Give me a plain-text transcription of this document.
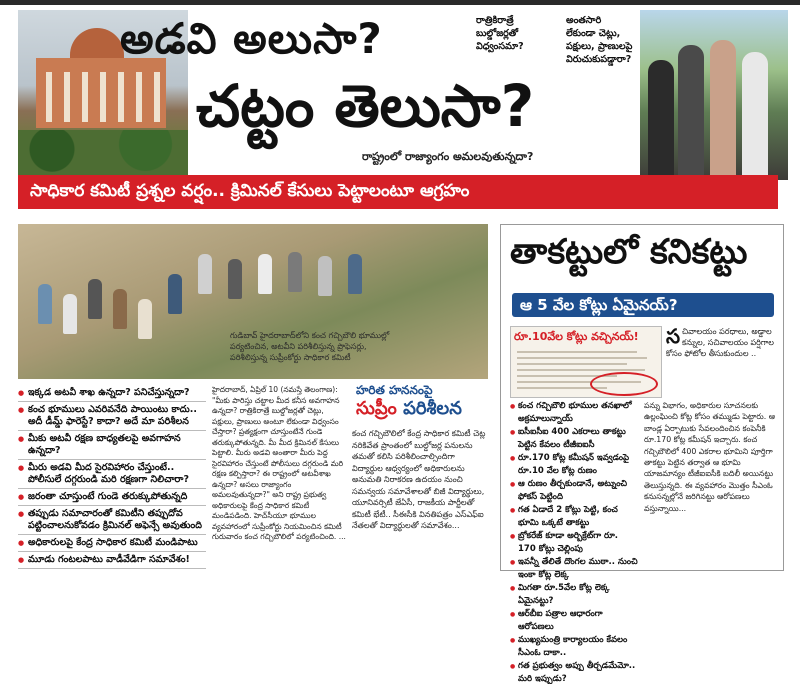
అడవి అలుసా?
చట్టం తెలుసా?
రాత్రికిరాత్రే బుల్డోజర్లతో విధ్వంసమా?
అంతసారి లేకుండా చెట్లు, పక్షులు, ప్రాణులపై విరుచుకుపడ్డారా?
రాష్ట్రంలో రాజ్యాంగం అమలవుతున్నదా?
సాధికార కమిటీ ప్రశ్నల వర్షం.. క్రిమినల్ కేసులు పెట్టాలంటూ ఆగ్రహం
గుడిబావ్ హైదరాబాద్‌లోని కంచ గచ్చిబౌలి భూముల్లో పర్యటించిన, అటవీని పరిశీలిస్తున్న ప్రొఫెసర్లు, పరిశీలిస్తున్న సుప్రీంకోర్టు సాధికార కమిటీ
● ఇక్కడ అటవీ శాఖ ఉన్నదా? పనిచేస్తున్నదా?
● కంచ భూములు ఎవరివనేది పాయింటు కాదు.. అదీ డీమ్డ్ ఫారెస్టే? కాదా? అదే మా పరిశీలన
● మీకు అటవీ రక్షణ బాధ్యతలపై అవగాహన ఉన్నదా?
● మీరు అడవి మీద సైరవిహారం చేస్తుంటే.. పోలీసులే దగ్గరుండి మరి రక్షణగా నిలిచారా?
● జరంతా చూస్తుంటే గుండె తరుక్కుపోతున్నది
● తప్పుడు సమాచారంతో కమిటీని తప్పుదోవ పట్టించాలనుకోవడం క్రిమినల్ అఫెన్సే అవుతుంది
● అధికారులపై కేంద్ర సాధికార కమిటీ మండిపాటు
● మూడు గంటలపాటు వాడీవేడిగా సమావేశం!
హైదరాబాద్, ఏప్రిల్ 10 (నమస్తే తెలంగాణ): "మీకు పారిస్తు చట్టాల మీద కనీస అవగాహన ఉన్నదా? రాత్రికిరాత్రే బుల్డోజర్లతో చెట్లు, పక్షులు, ప్రాణులు అంటూ లేకుండా విధ్వంసం చేస్తారా? ప్రత్యక్షంగా చూస్తుంటేనే గుండె తరుక్కుపోతున్నది. మీ మీద క్రిమినల్ కేసులు పెట్టాలి. మీరు అడవి అంతారా మీరు పెద్ద సైరవిహారం చేస్తుంటే పోలీసులు దగ్గరుండి మరి రక్షణ కల్పిస్తారా? ఈ రాష్ట్రంలో అటవీశాఖ ఉన్నదా? అసలు రాజ్యాంగం అమలవుతున్నదా?" అని రాష్ట్ర ప్రభుత్వ అధికారులపై కేంద్ర సాధికార కమిటీ మండిపడింది. హెచ్‌సీయూ భూముల వ్యవహారంలో సుప్రీంకోర్టు నియమించిన కమిటీ గురువారం కంచ గచ్చిబౌలిలో పర్యటించింది. ...
హరిత హననంపై
సుప్రీం పరిశీలన
కంచ గచ్చిబౌలిలో కేంద్ర సాధికార కమిటీ చెట్ల నరికివేత ప్రాంతంలో బుల్డోజర్ల పనులను తమతో కలిసి పరిశీలించాల్సిందిగా విద్యార్థుల ఆధ్వర్యంలో అధికారులను అనుమతి నిరాకరణ ఉదయం నుంచి సమన్వయ సమావేశాలతో బిజీ విద్యార్థులు, యూనివర్సిటీ జేఏసీ, రాజకీయ పార్టీలతో కమిటీ భేటీ.. సీఈసీకి వినతిపత్రం ఎస్‌ఎఫ్‌ఐ నేతలతో విద్యార్థులతో సమావేశం...
తాకట్టులో కనికట్టు
ఆ 5 వేల కోట్లు ఏమైనయ్?
రూ.10వేల కోట్లు వచ్చినయ్! సచివాలయం పరధాలు, అడ్డాల కన్నుల, సచివాలయం పర్షిగాల కోసం ఫోటోల తీసుకుందుల ..
● కంచ గచ్చిబౌలి భూముల తనఖాలో అక్రమాలున్నాయ్
● ఐసీఐసీఐ 400 ఎకరాలు తాకట్టు పెట్టిన కేవలం టీజీఐఐసీ
● రూ.170 కోట్ల కమీషన్ ఇవ్వడంపై రూ.10 వేల కోట్ల రుణం
● ఆ రుణం తీర్చకుండానే, అట్నుంచి ఫోకస్ పెట్టింది
● గత ఏడాదే 2 కోట్లు పెట్టి, కంచ భూమి ఒక్కటే తాకట్టు
● బ్రోకరేజ్ కూడా అర్బిక్రేట్‌గా రూ. 170 కోట్లు చెల్లింపు
● ఇవన్నీ తేలితే దొంగల ముఠా.. నుంచి ఇంకా కోట్ల లెక్క
● మిగతా రూ.5వేల కోట్ల లెక్క ఏమైనట్టు?
● ఆర్‌బీఐ పత్రాల ఆధారంగా ఆరోపణలు
● ముఖ్యమంత్రి కార్యాలయం కేవలం సీఎంఓ దాకా..
● గత ప్రభుత్వం అప్పు తీర్చడమేమో.. మరి ఇప్పుడు?
పన్ను విభాగం, అధికారుల సూచనలకు ఉల్లంఘించి కోట్ల కోసం తమ్ముడు పెట్టారు. ఆ బాండ్ల ఏర్పాటుకు సేవలందించిన కంపెనీకి రూ.170 కోట్ల కమీషన్ ఇచ్చారు. కంచ గచ్చిబౌలిలో 400 ఎకరాల భూమిని పూర్తిగా తాకట్టు పెట్టిన తర్వాత ఆ భూమి యాజమాన్యం టీజీఐఐసీకి బదిలీ అయినట్టు తెలుస్తున్నది. ఈ వ్యవహారం మొత్తం సీఎంఓ కనుసన్నల్లోనే జరిగినట్టు ఆరోపణలు వస్తున్నాయి...
